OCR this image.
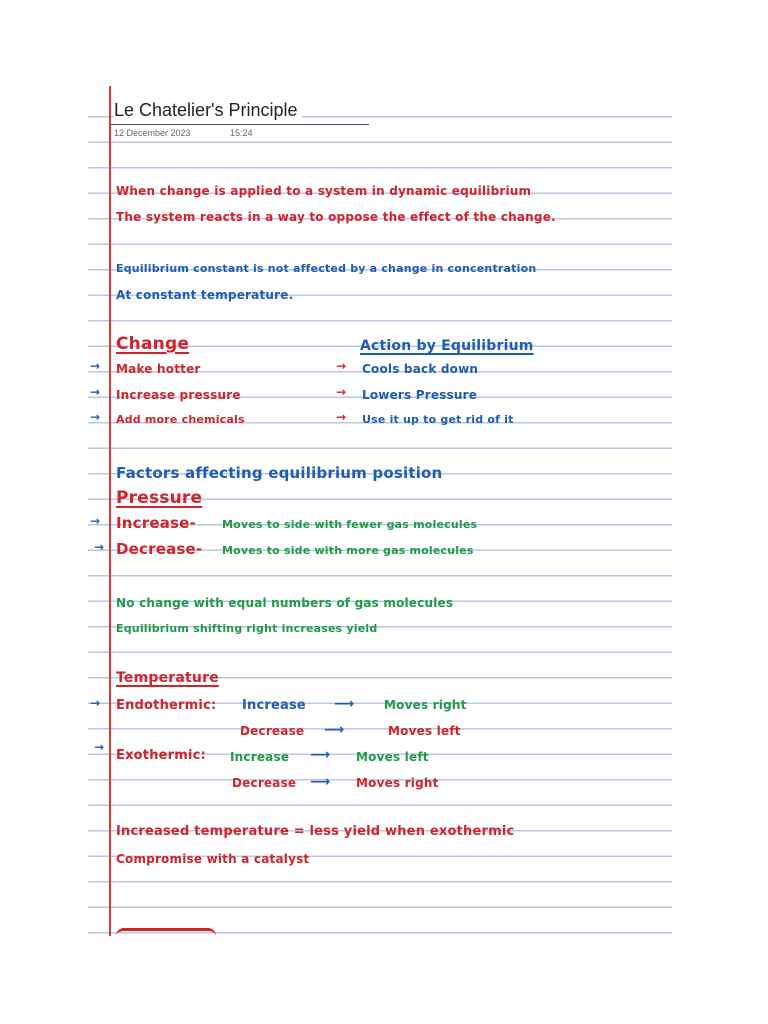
Le Chatelier's Principle
12 December 2023	15:24
When change is applied to a system in dynamic equilibrium
The system reacts in a way to oppose the effect of the change.
Equilibrium constant is not affected by a change in concentration
At constant temperature.
Change	Action by Equilibrium
→ Make hotter	→ Cools back down
→ Increase pressure	→ Lowers Pressure
→ Add more chemicals	→ Use it up to get rid of it
Factors affecting equilibrium position
Pressure
→ Increase- Moves to side with fewer gas molecules
→ Decrease- Moves to side with more gas molecules
No change with equal numbers of gas molecules
Equilibrium shifting right increases yield
Temperature
→ Endothermic: Increase ⟶ Moves right
Decrease ⟶	Moves left
→
Exothermic: Increase ⟶ Moves left
Decrease ⟶ Moves right
Increased temperature = less yield when exothermic
Compromise with a catalyst
